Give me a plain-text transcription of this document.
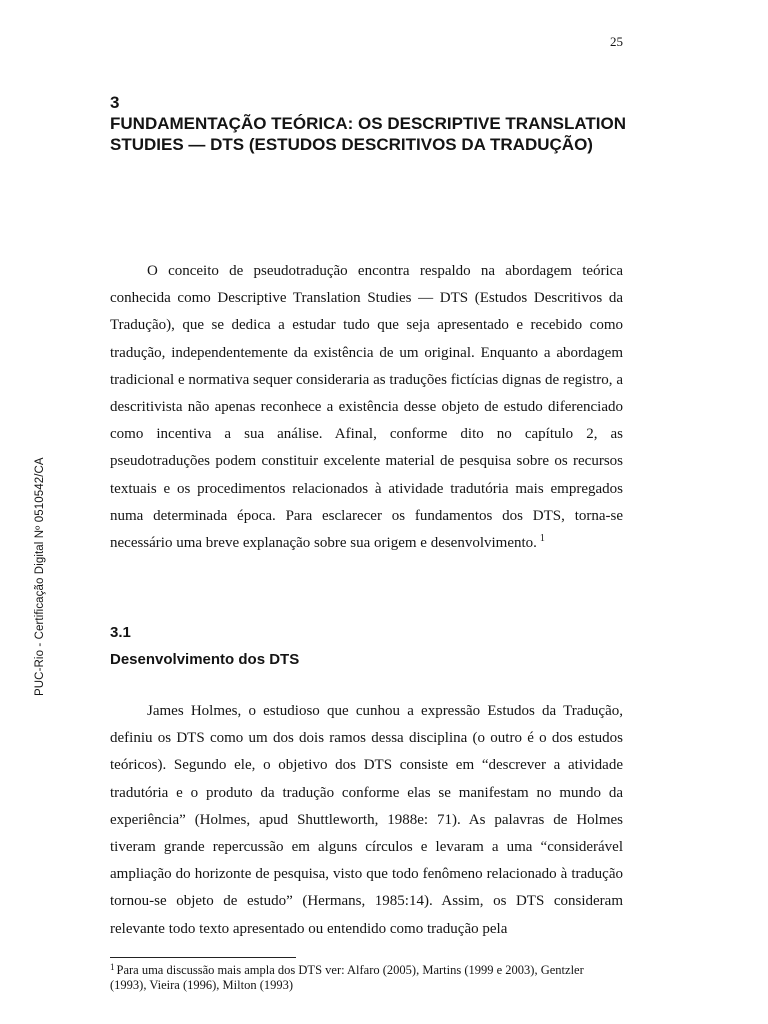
25
PUC-Rio - Certificação Digital Nº 0510542/CA
3
FUNDAMENTAÇÃO TEÓRICA: OS DESCRIPTIVE TRANSLATION STUDIES — DTS (ESTUDOS DESCRITIVOS DA TRADUÇÃO)

O conceito de pseudotradução encontra respaldo na abordagem teórica conhecida como Descriptive Translation Studies — DTS (Estudos Descritivos da Tradução), que se dedica a estudar tudo que seja apresentado e recebido como tradução, independentemente da existência de um original. Enquanto a abordagem tradicional e normativa sequer consideraria as traduções fictícias dignas de registro, a descritivista não apenas reconhece a existência desse objeto de estudo diferenciado como incentiva a sua análise. Afinal, conforme dito no capítulo 2, as pseudotraduções podem constituir excelente material de pesquisa sobre os recursos textuais e os procedimentos relacionados à atividade tradutória mais empregados numa determinada época. Para esclarecer os fundamentos dos DTS, torna-se necessário uma breve explanação sobre sua origem e desenvolvimento. $^1$

3.1
Desenvolvimento dos DTS

James Holmes, o estudioso que cunhou a expressão Estudos da Tradução, definiu os DTS como um dos dois ramos dessa disciplina (o outro é o dos estudos teóricos). Segundo ele, o objetivo dos DTS consiste em “descrever a atividade tradutória e o produto da tradução conforme elas se manifestam no mundo da experiência” (Holmes, apud Shuttleworth, 1988e: 71). As palavras de Holmes tiveram grande repercussão em alguns círculos e levaram a uma “considerável ampliação do horizonte de pesquisa, visto que todo fenômeno relacionado à tradução tornou-se objeto de estudo” (Hermans, 1985:14). Assim, os DTS consideram relevante todo texto apresentado ou entendido como tradução pela

$^1$ Para uma discussão mais ampla dos DTS ver: Alfaro (2005), Martins (1999 e 2003), Gentzler (1993), Vieira (1996), Milton (1993)
